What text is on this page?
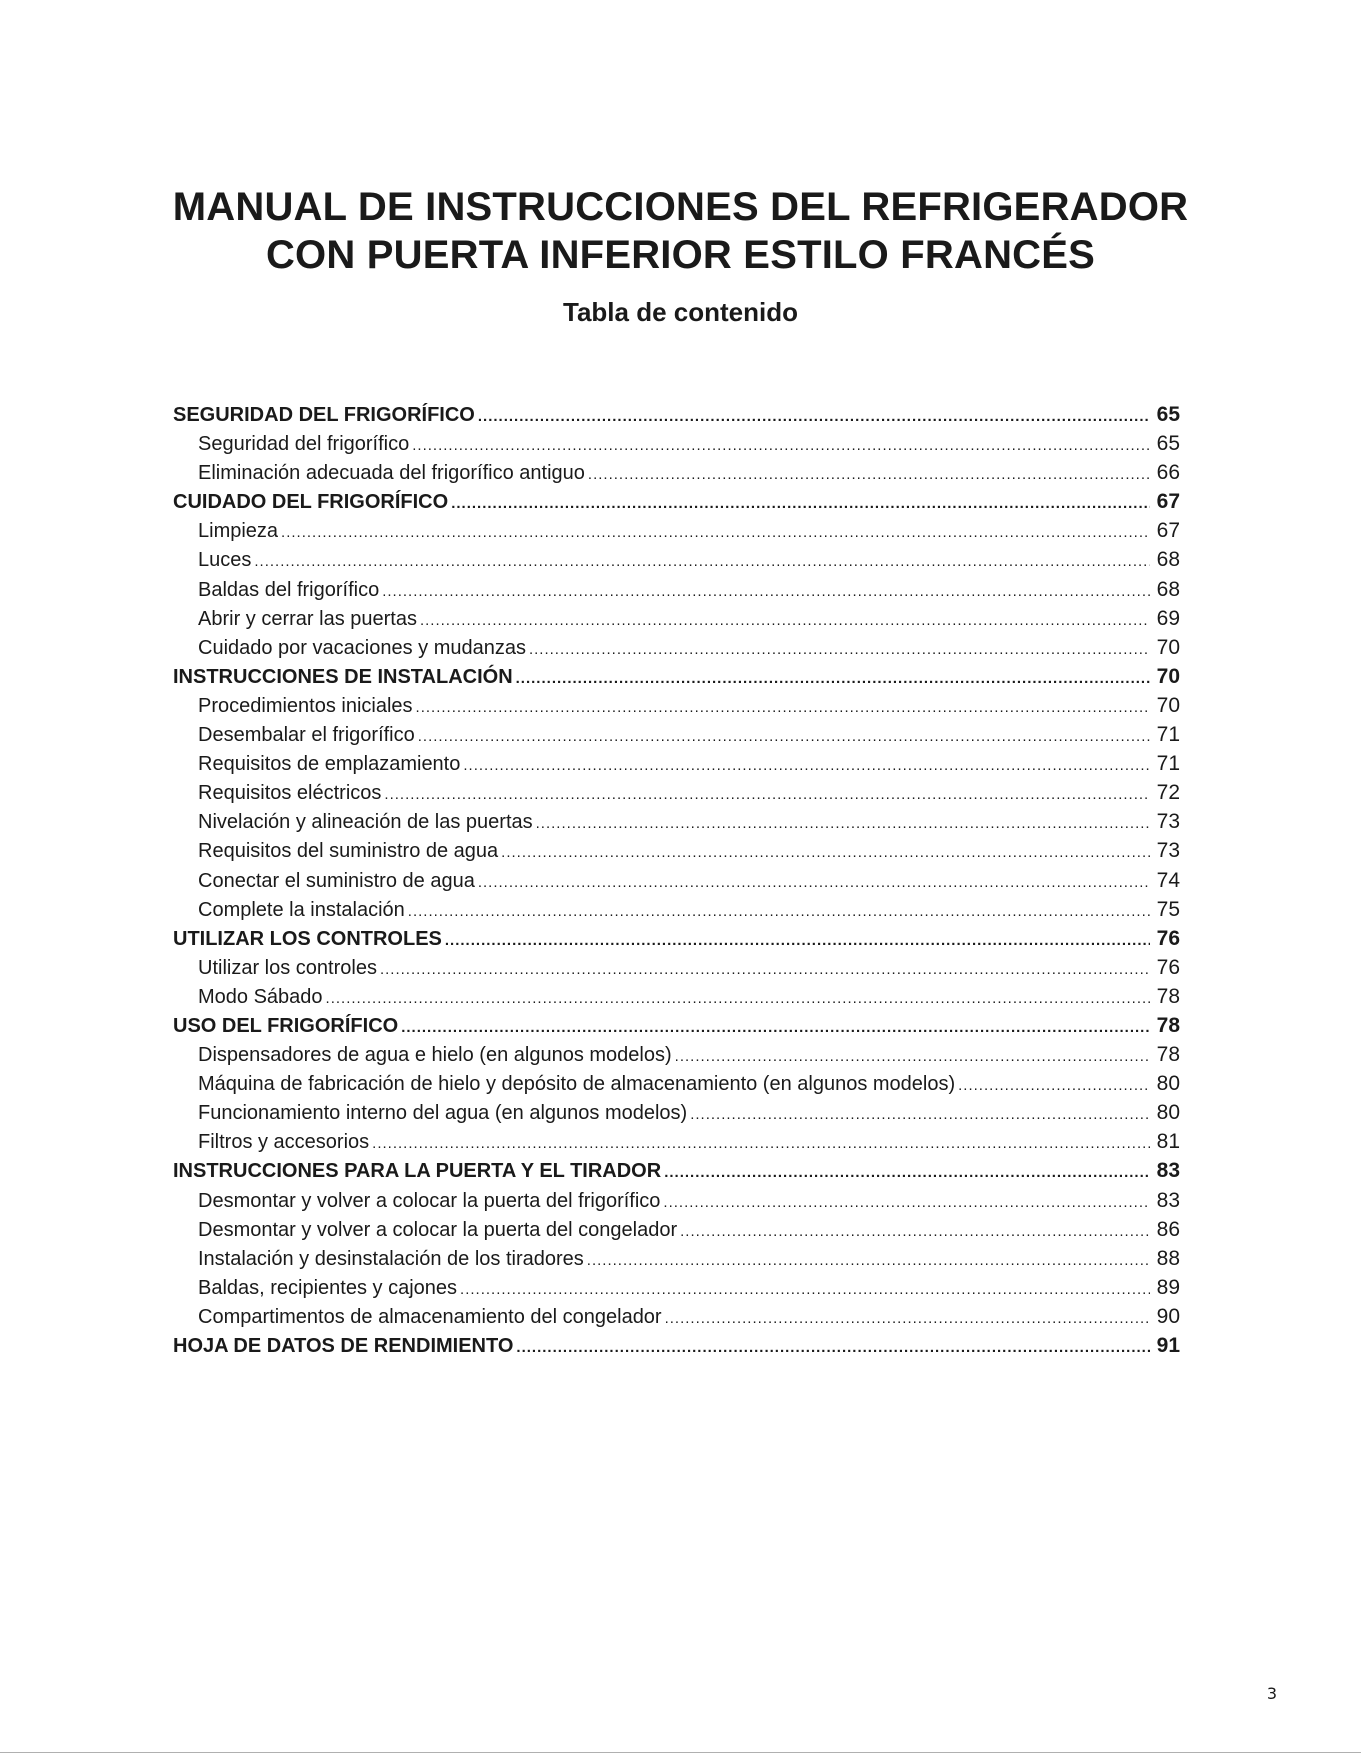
MANUAL DE INSTRUCCIONES DEL REFRIGERADOR
CON PUERTA INFERIOR ESTILO FRANCÉS
Tabla de contenido
SEGURIDAD DEL FRIGORÍFICO .....	65
Seguridad del frigorífico .....	65
Eliminación adecuada del frigorífico antiguo .....	66
CUIDADO DEL FRIGORÍFICO .....	67
Limpieza .....	67
Luces .....	68
Baldas del frigorífico .....	68
Abrir y cerrar las puertas .....	69
Cuidado por vacaciones y mudanzas .....	70
INSTRUCCIONES DE INSTALACIÓN .....	70
Procedimientos iniciales .....	70
Desembalar el frigorífico .....	71
Requisitos de emplazamiento .....	71
Requisitos eléctricos .....	72
Nivelación y alineación de las puertas .....	73
Requisitos del suministro de agua .....	73
Conectar el suministro de agua .....	74
Complete la instalación .....	75
UTILIZAR LOS CONTROLES .....	76
Utilizar los controles .....	76
Modo Sábado .....	78
USO DEL FRIGORÍFICO .....	78
Dispensadores de agua e hielo (en algunos modelos) .....	78
Máquina de fabricación de hielo y depósito de almacenamiento (en algunos modelos) .....	80
Funcionamiento interno del agua (en algunos modelos) .....	80
Filtros y accesorios .....	81
INSTRUCCIONES PARA LA PUERTA Y EL TIRADOR .....	83
Desmontar y volver a colocar la puerta del frigorífico .....	83
Desmontar y volver a colocar la puerta del congelador .....	86
Instalación y desinstalación de los tiradores .....	88
Baldas, recipientes y cajones .....	89
Compartimentos de almacenamiento del congelador .....	90
HOJA DE DATOS DE RENDIMIENTO .....	91
3
